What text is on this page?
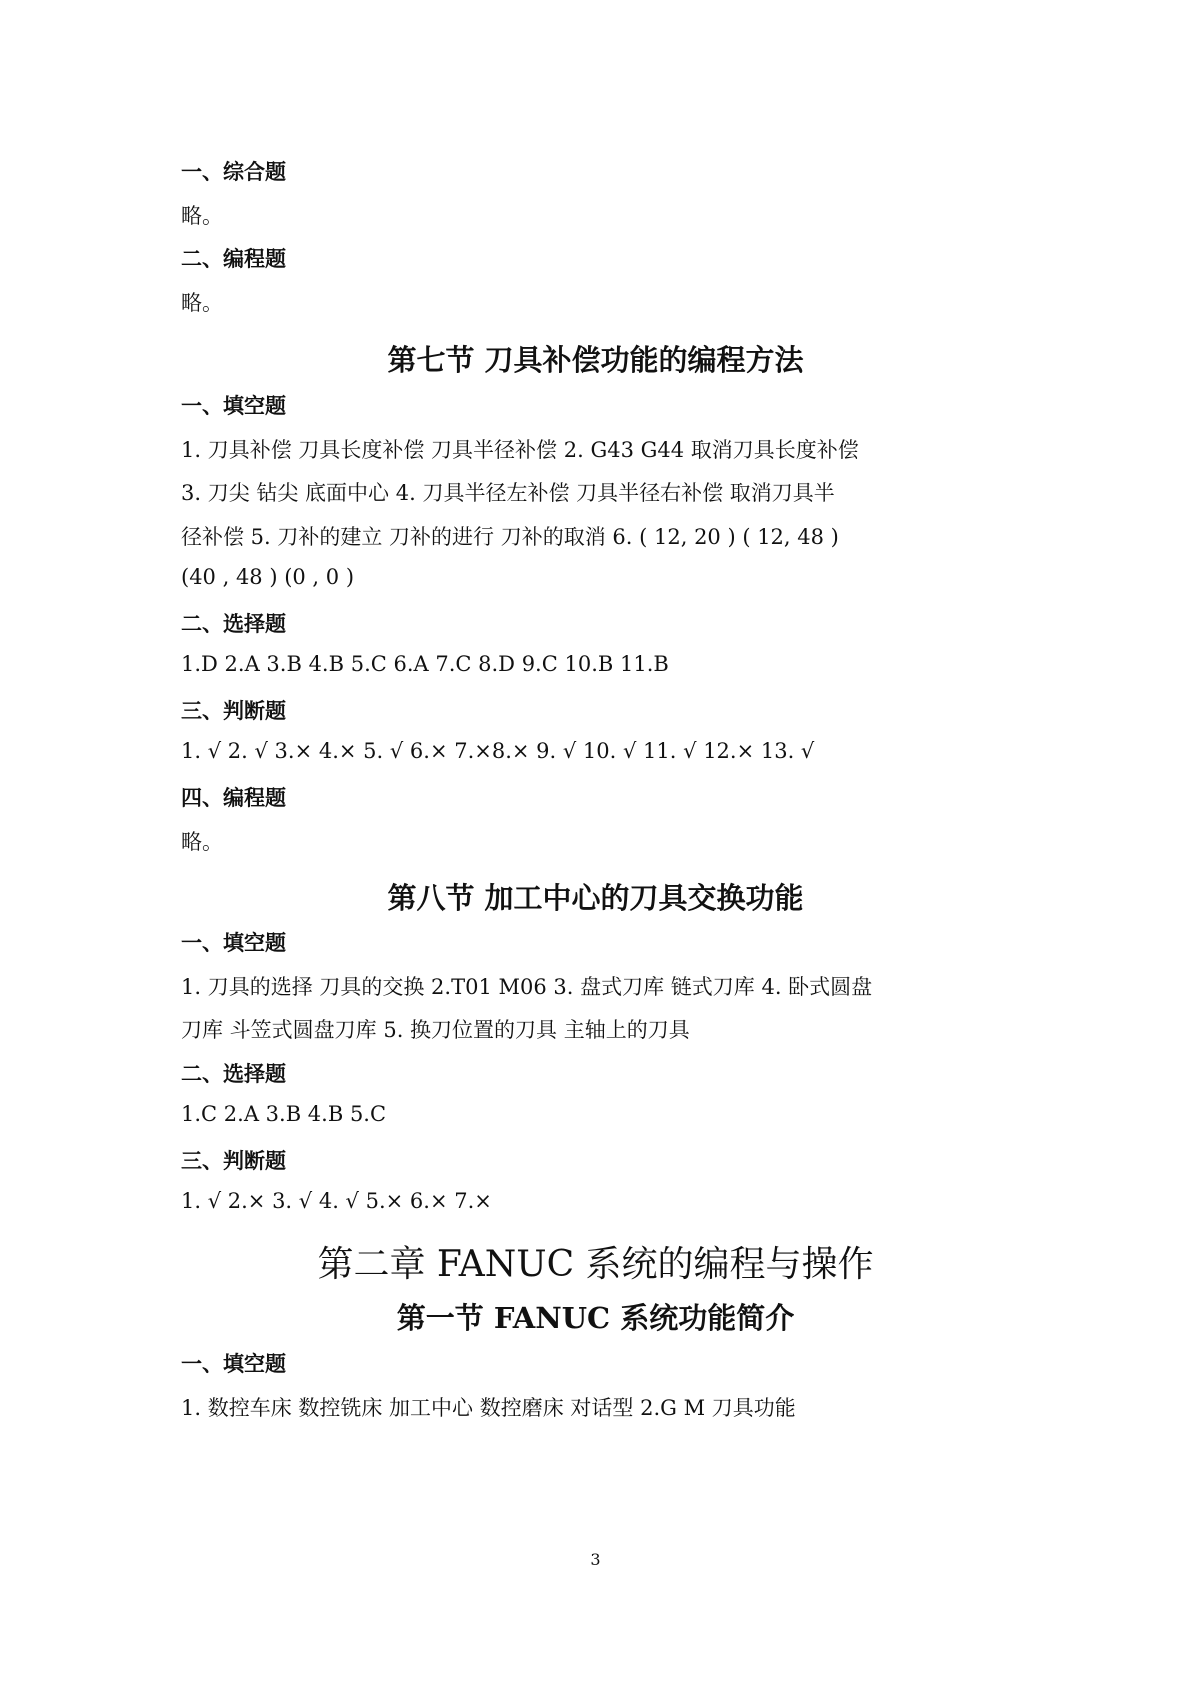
一、综合题
略。
二、编程题
略。
第七节 刀具补偿功能的编程方法
一、填空题
1. 刀具补偿 刀具长度补偿 刀具半径补偿 2. G43 G44 取消刀具长度补偿
3. 刀尖 钻尖 底面中心 4. 刀具半径左补偿 刀具半径右补偿 取消刀具半
径补偿 5. 刀补的建立 刀补的进行 刀补的取消 6. ( 12, 20 ) ( 12, 48 )
(40 , 48 ) (0 , 0 )
二、选择题
1.D 2.A 3.B 4.B 5.C 6.A 7.C 8.D 9.C 10.B 11.B
三、判断题
1. √ 2. √ 3.× 4.× 5. √ 6.× 7.×8.× 9. √ 10. √ 11. √ 12.× 13. √
四、编程题
略。
第八节 加工中心的刀具交换功能
一、填空题
1. 刀具的选择 刀具的交换 2.T01 M06 3. 盘式刀库 链式刀库 4. 卧式圆盘
刀库 斗笠式圆盘刀库 5. 换刀位置的刀具 主轴上的刀具
二、选择题
1.C 2.A 3.B 4.B 5.C
三、判断题
1. √ 2.× 3. √ 4. √ 5.× 6.× 7.×
第二章 FANUC 系统的编程与操作
第一节 FANUC 系统功能简介
一、填空题
1. 数控车床 数控铣床 加工中心 数控磨床 对话型 2.G M 刀具功能
3
